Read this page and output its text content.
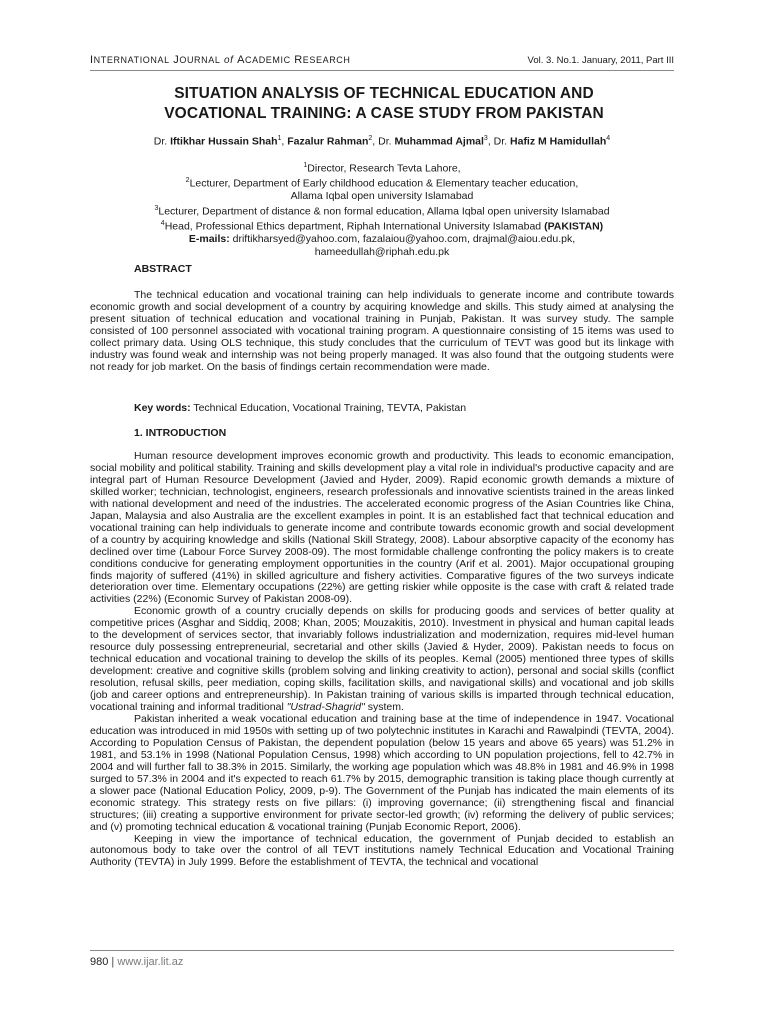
INTERNATIONAL JOURNAL of ACADEMIC RESEARCH	Vol. 3. No.1. January, 2011, Part III
SITUATION ANALYSIS OF TECHNICAL EDUCATION AND
VOCATIONAL TRAINING: A CASE STUDY FROM PAKISTAN
Dr. Iftikhar Hussain Shah$^1$, Fazalur Rahman$^2$, Dr. Muhammad Ajmal$^3$, Dr. Hafiz M Hamidullah$^4$
$^1$Director, Research Tevta Lahore,
$^2$Lecturer, Department of Early childhood education & Elementary teacher education,
Allama Iqbal open university Islamabad
$^3$Lecturer, Department of distance & non formal education, Allama Iqbal open university Islamabad
$^4$Head, Professional Ethics department, Riphah International University Islamabad (PAKISTAN)
E-mails: driftikharsyed@yahoo.com, fazalaiou@yahoo.com, drajmal@aiou.edu.pk,
hameedullah@riphah.edu.pk
ABSTRACT

The technical education and vocational training can help individuals to generate income and contribute towards economic growth and social development of a country by acquiring knowledge and skills. This study aimed at analysing the present situation of technical education and vocational training in Punjab, Pakistan. It was survey study. The sample consisted of 100 personnel associated with vocational training program. A questionnaire consisting of 15 items was used to collect primary data. Using OLS technique, this study concludes that the curriculum of TEVT was good but its linkage with industry was found weak and internship was not being properly managed. It was also found that the outgoing students were not ready for job market. On the basis of findings certain recommendation were made.

Key words: Technical Education, Vocational Training, TEVTA, Pakistan
1. INTRODUCTION

Human resource development improves economic growth and productivity. This leads to economic emancipation, social mobility and political stability. Training and skills development play a vital role in individual's productive capacity and are integral part of Human Resource Development (Javied and Hyder, 2009). Rapid economic growth demands a mixture of skilled worker; technician, technologist, engineers, research professionals and innovative scientists trained in the areas linked with national development and need of the industries. The accelerated economic progress of the Asian Countries like China, Japan, Malaysia and also Australia are the excellent examples in point. It is an established fact that technical education and vocational training can help individuals to generate income and contribute towards economic growth and social development of a country by acquiring knowledge and skills (National Skill Strategy, 2008). Labour absorptive capacity of the economy has declined over time (Labour Force Survey 2008-09). The most formidable challenge confronting the policy makers is to create conditions conducive for generating employment opportunities in the country (Arif et al. 2001). Major occupational grouping finds majority of suffered (41%) in skilled agriculture and fishery activities. Comparative figures of the two surveys indicate deterioration over time. Elementary occupations (22%) are getting riskier while opposite is the case with craft & related trade activities (22%) (Economic Survey of Pakistan 2008-09).

Economic growth of a country crucially depends on skills for producing goods and services of better quality at competitive prices (Asghar and Siddiq, 2008; Khan, 2005; Mouzakitis, 2010). Investment in physical and human capital leads to the development of services sector, that invariably follows industrialization and modernization, requires mid-level human resource duly possessing entrepreneurial, secretarial and other skills (Javied & Hyder, 2009). Pakistan needs to focus on technical education and vocational training to develop the skills of its peoples. Kemal (2005) mentioned three types of skills development: creative and cognitive skills (problem solving and linking creativity to action), personal and social skills (conflict resolution, refusal skills, peer mediation, coping skills, facilitation skills, and navigational skills) and vocational and job skills (job and career options and entrepreneurship). In Pakistan training of various skills is imparted through technical education, vocational training and informal traditional "Ustrad-Shagrid" system.

Pakistan inherited a weak vocational education and training base at the time of independence in 1947. Vocational education was introduced in mid 1950s with setting up of two polytechnic institutes in Karachi and Rawalpindi (TEVTA, 2004). According to Population Census of Pakistan, the dependent population (below 15 years and above 65 years) was 51.2% in 1981, and 53.1% in 1998 (National Population Census, 1998) which according to UN population projections, fell to 42.7% in 2004 and will further fall to 38.3% in 2015. Similarly, the working age population which was 48.8% in 1981 and 46.9% in 1998 surged to 57.3% in 2004 and it's expected to reach 61.7% by 2015, demographic transition is taking place though currently at a slower pace (National Education Policy, 2009, p-9). The Government of the Punjab has indicated the main elements of its economic strategy. This strategy rests on five pillars: (i) improving governance; (ii) strengthening fiscal and financial structures; (iii) creating a supportive environment for private sector-led growth; (iv) reforming the delivery of public services; and (v) promoting technical education & vocational training (Punjab Economic Report, 2006).

Keeping in view the importance of technical education, the government of Punjab decided to establish an autonomous body to take over the control of all TEVT institutions namely Technical Education and Vocational Training Authority (TEVTA) in July 1999. Before the establishment of TEVTA, the technical and vocational

980 | www.ijar.lit.az
